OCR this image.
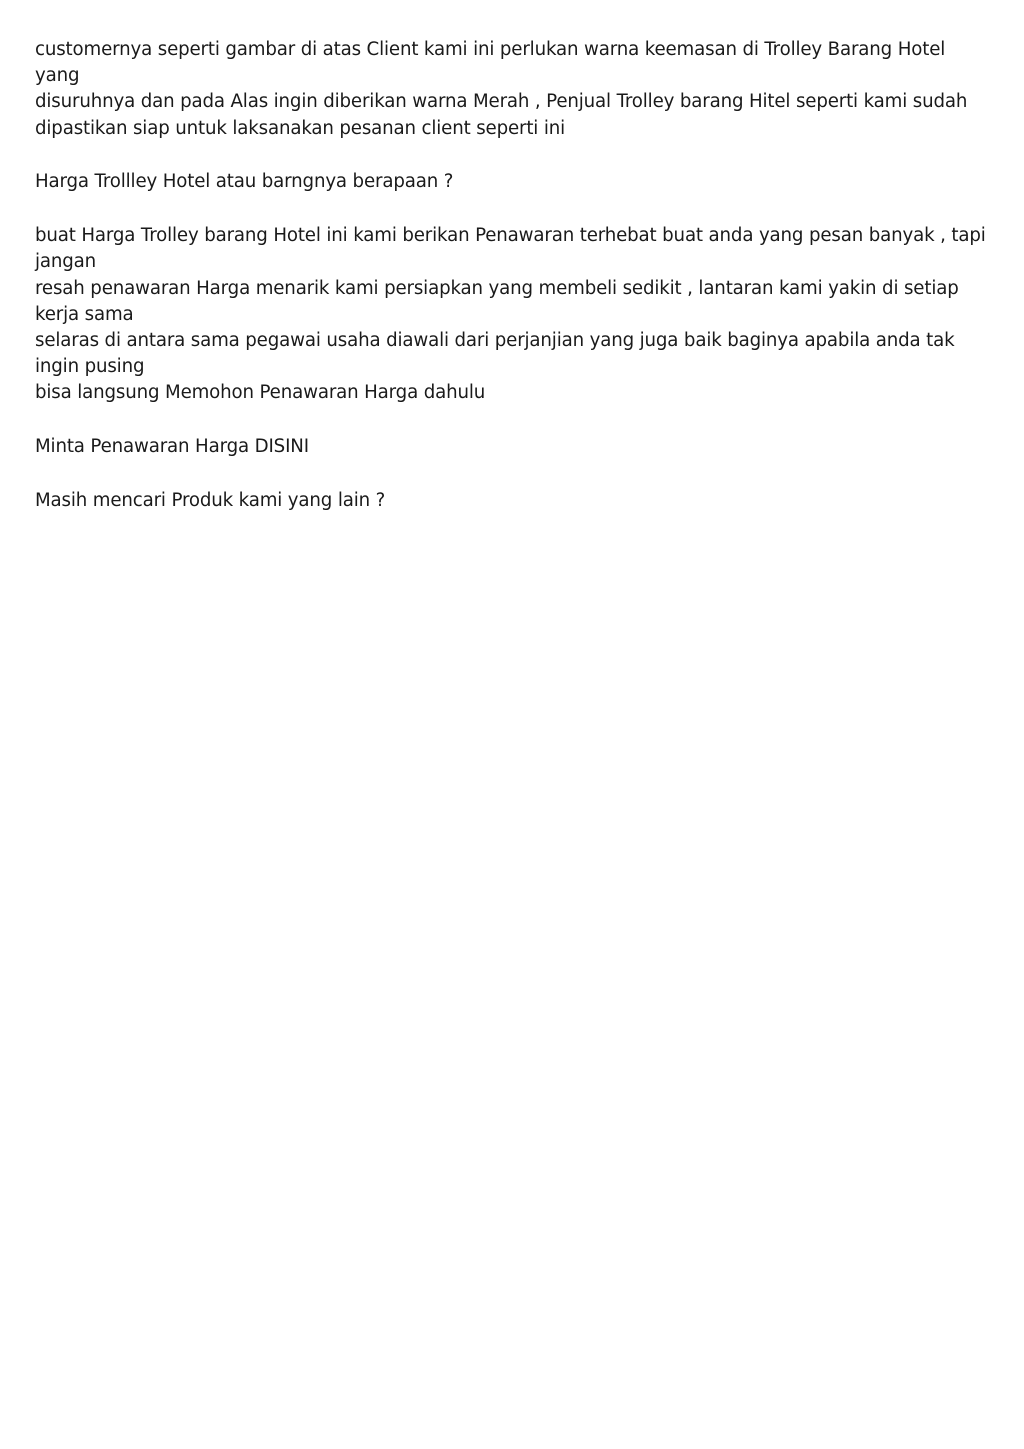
customernya seperti gambar di atas Client kami ini perlukan warna keemasan di Trolley Barang Hotel yang
disuruhnya dan pada Alas ingin diberikan warna Merah , Penjual Trolley barang Hitel seperti kami sudah
dipastikan siap untuk laksanakan pesanan client seperti ini

Harga Trollley Hotel atau barngnya berapaan ?

buat Harga Trolley barang Hotel ini kami berikan Penawaran terhebat buat anda yang pesan banyak , tapi jangan
resah penawaran Harga menarik kami persiapkan yang membeli sedikit , lantaran kami yakin di setiap kerja sama
selaras di antara sama pegawai usaha diawali dari perjanjian yang juga baik baginya apabila anda tak ingin pusing
bisa langsung Memohon Penawaran Harga dahulu

Minta Penawaran Harga DISINI

Masih mencari Produk kami yang lain ?
